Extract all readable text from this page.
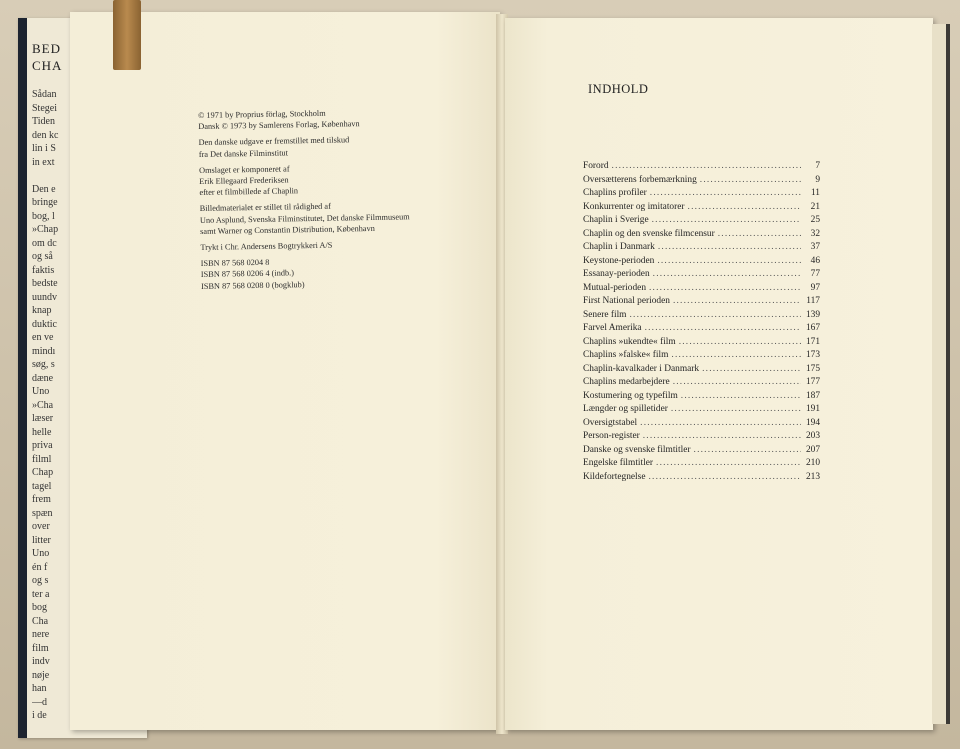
BED
CHA
Sådan
Stegei
Tiden
den kc
lin i S
in ext

Den e
bringe
bog, l
»Chap
om dc
og så
faktis
bedste
uundv
knap
duktic
en ve
mindı
søg, s
dæne
Uno
»Cha
læser
helle
priva
filml
Chap
tagel
frem
spæn
over
litter
Uno
én f
og s
ter a
bog
Cha
nere
film
indv
nøje
han
—d
i de
© 1971 by Proprius förlag, Stockholm
Dansk © 1973 by Samlerens Forlag, København
Den danske udgave er fremstillet med tilskud
fra Det danske Filminstitut
Omslaget er komponeret af
Erik Ellegaard Frederiksen
efter et filmbillede af Chaplin
Billedmaterialet er stillet til rådighed af
Uno Asplund, Svenska Filminstitutet, Det danske Filmmuseum
samt Warner og Constantin Distribution, København
Trykt i Chr. Andersens Bogtrykkeri A/S
ISBN 87 568 0204 8
ISBN 87 568 0206 4 (indb.)
ISBN 87 568 0208 0 (bogklub)
INDHOLD
Forord .....	7
Oversætterens forbemærkning .....	9
Chaplins profiler .....	11
Konkurrenter og imitatorer .....	21
Chaplin i Sverige .....	25
Chaplin og den svenske filmcensur .....	32
Chaplin i Danmark .....	37
Keystone-perioden .....	46
Essanay-perioden .....	77
Mutual-perioden .....	97
First National perioden .....	117
Senere film .....	139
Farvel Amerika .....	167
Chaplins »ukendte« film .....	171
Chaplins »falske« film .....	173
Chaplin-kavalkader i Danmark .....	175
Chaplins medarbejdere .....	177
Kostumering og typefilm .....	187
Længder og spilletider .....	191
Oversigtstabel .....	194
Person-register .....	203
Danske og svenske filmtitler .....	207
Engelske filmtitler .....	210
Kildefortegnelse .....	213
